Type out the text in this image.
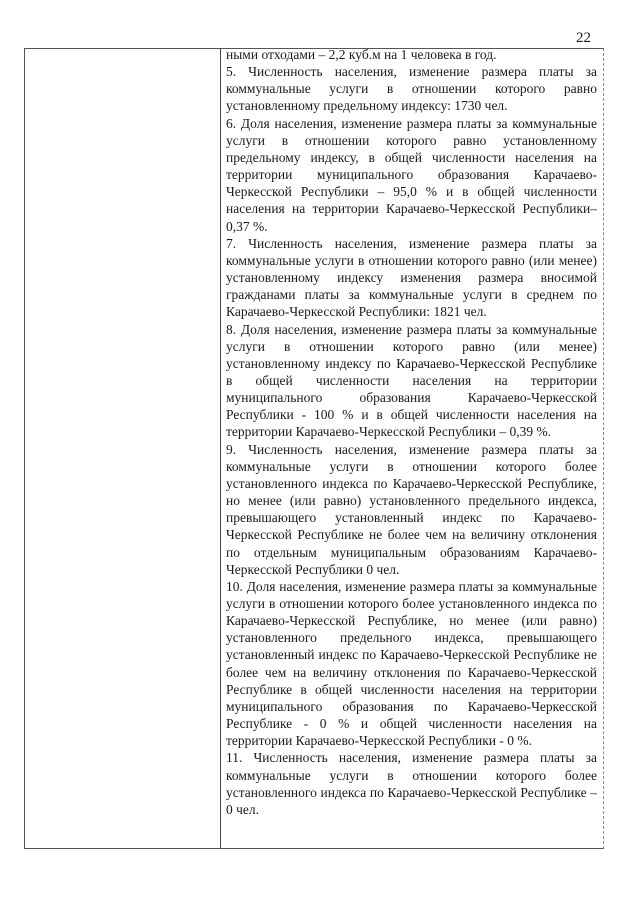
22

ными отходами – 2,2 куб.м на 1 человека в год.

5. Численность населения, изменение размера платы за коммунальные услуги в отношении которого равно установленному предельному индексу: 1730 чел.

6. Доля населения, изменение размера платы за коммунальные услуги в отношении которого равно установленному предельному индексу, в общей численности населения на территории муниципального образования Карачаево-Черкесской Республики – 95,0 % и в общей численности населения на территории Карачаево-Черкесской Республики– 0,37 %.

7. Численность населения, изменение размера платы за коммунальные услуги в отношении которого равно (или менее) установленному индексу изменения размера вносимой гражданами платы за коммунальные услуги в среднем по Карачаево-Черкесской Республики: 1821 чел.

8. Доля населения, изменение размера платы за коммунальные услуги в отношении которого равно (или менее) установленному индексу по Карачаево-Черкесской Республике в общей численности населения на территории муниципального образования Карачаево-Черкесской Республики - 100 % и в общей численности населения на территории Карачаево-Черкесской Республики – 0,39 %.

9. Численность населения, изменение размера платы за коммунальные услуги в отношении которого более установленного индекса по Карачаево-Черкесской Республике, но менее (или равно) установленного предельного индекса, превышающего установленный индекс по Карачаево-Черкесской Республике не более чем на величину отклонения по отдельным муниципальным образованиям Карачаево-Черкесской Республики 0 чел.

10. Доля населения, изменение размера платы за коммунальные услуги в отношении которого более установленного индекса по Карачаево-Черкесской Республике, но менее (или равно) установленного предельного индекса, превышающего установленный индекс по Карачаево-Черкесской Республике не более чем на величину отклонения по Карачаево-Черкесской Республике в общей численности населения на территории муниципального образования по Карачаево-Черкесской Республике - 0 % и общей численности населения на территории Карачаево-Черкесской Республики - 0 %.

11. Численность населения, изменение размера платы за коммунальные услуги в отношении которого более установленного индекса по Карачаево-Черкесской Республике – 0 чел.
